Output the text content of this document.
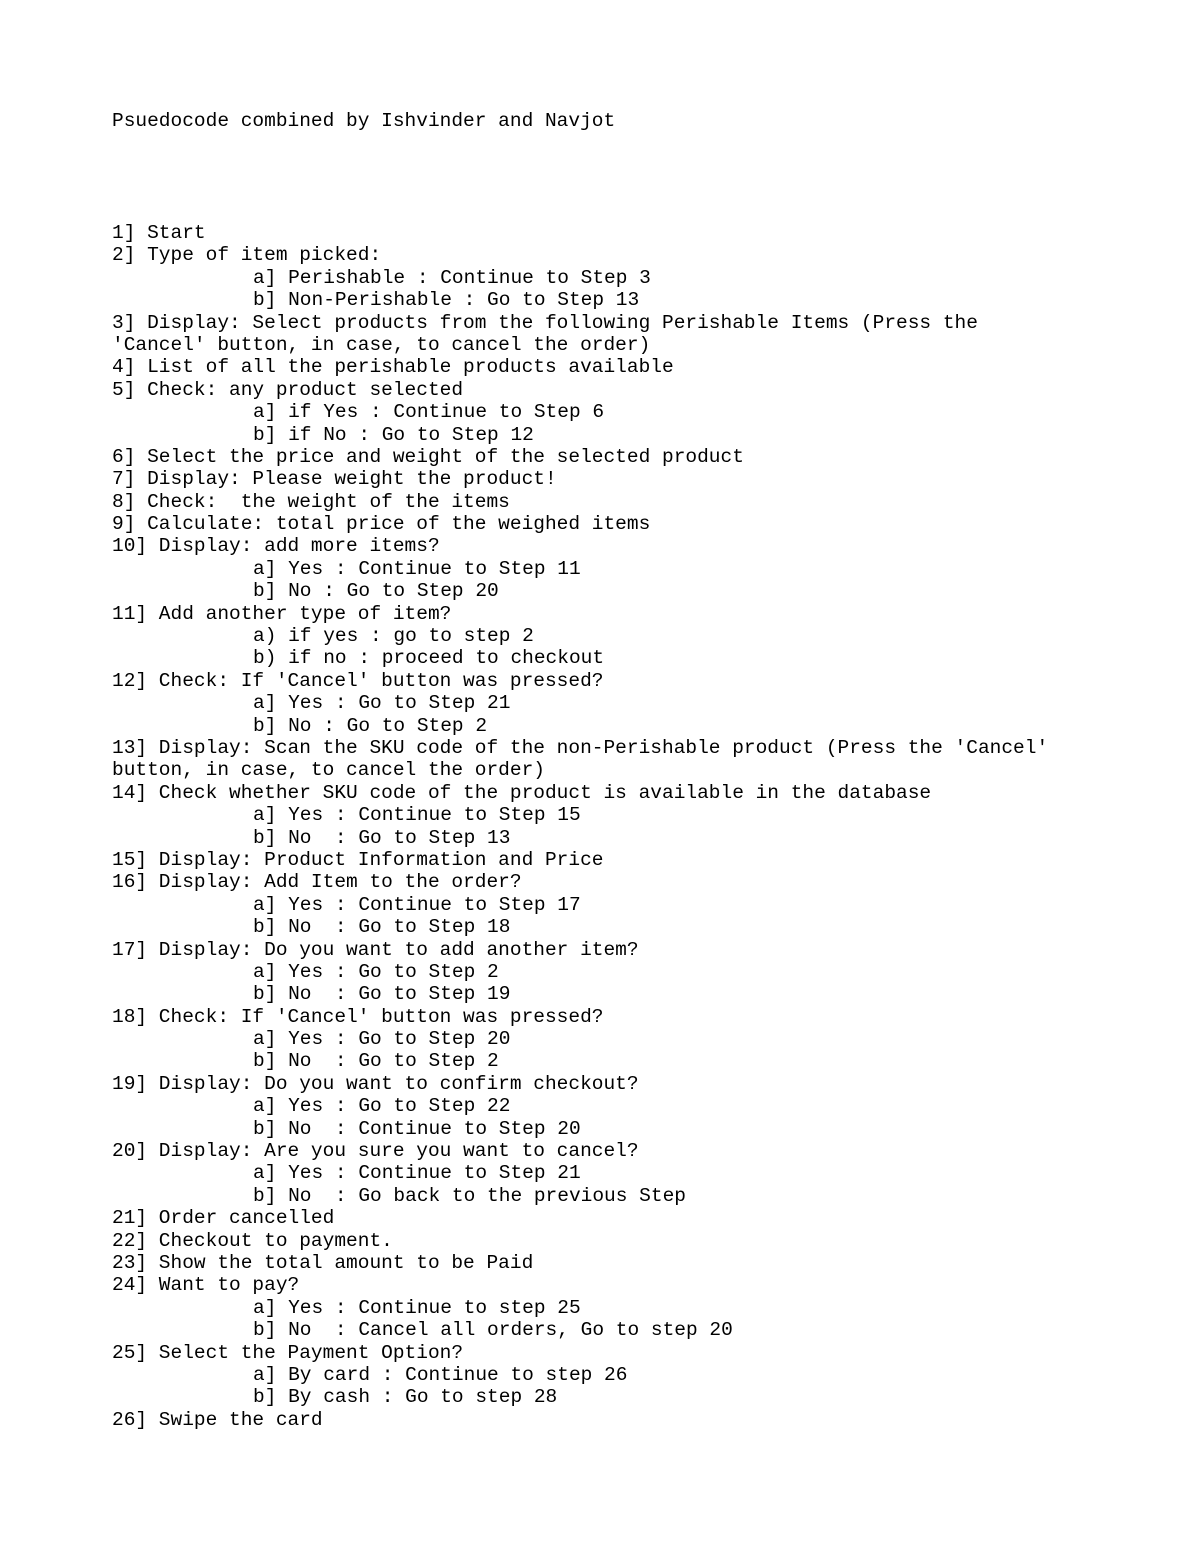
Psuedocode combined by Ishvinder and Navjot
1] Start
2] Type of item picked:
a] Perishable : Continue to Step 3
b] Non-Perishable : Go to Step 13
3] Display: Select products from the following Perishable Items (Press the
'Cancel' button, in case, to cancel the order)
4] List of all the perishable products available
5] Check: any product selected
a] if Yes : Continue to Step 6
b] if No : Go to Step 12
6] Select the price and weight of the selected product
7] Display: Please weight the product!
8] Check:  the weight of the items
9] Calculate: total price of the weighed items
10] Display: add more items?
a] Yes : Continue to Step 11
b] No : Go to Step 20
11] Add another type of item?
a) if yes : go to step 2
b) if no : proceed to checkout
12] Check: If 'Cancel' button was pressed?
a] Yes : Go to Step 21
b] No : Go to Step 2
13] Display: Scan the SKU code of the non-Perishable product (Press the 'Cancel'
button, in case, to cancel the order)
14] Check whether SKU code of the product is available in the database
a] Yes : Continue to Step 15
b] No  : Go to Step 13
15] Display: Product Information and Price
16] Display: Add Item to the order?
a] Yes : Continue to Step 17
b] No  : Go to Step 18
17] Display: Do you want to add another item?
a] Yes : Go to Step 2
b] No  : Go to Step 19
18] Check: If 'Cancel' button was pressed?
a] Yes : Go to Step 20
b] No  : Go to Step 2
19] Display: Do you want to confirm checkout?
a] Yes : Go to Step 22
b] No  : Continue to Step 20
20] Display: Are you sure you want to cancel?
a] Yes : Continue to Step 21
b] No  : Go back to the previous Step
21] Order cancelled
22] Checkout to payment.
23] Show the total amount to be Paid
24] Want to pay?
a] Yes : Continue to step 25
b] No  : Cancel all orders, Go to step 20
25] Select the Payment Option?
a] By card : Continue to step 26
b] By cash : Go to step 28
26] Swipe the card
